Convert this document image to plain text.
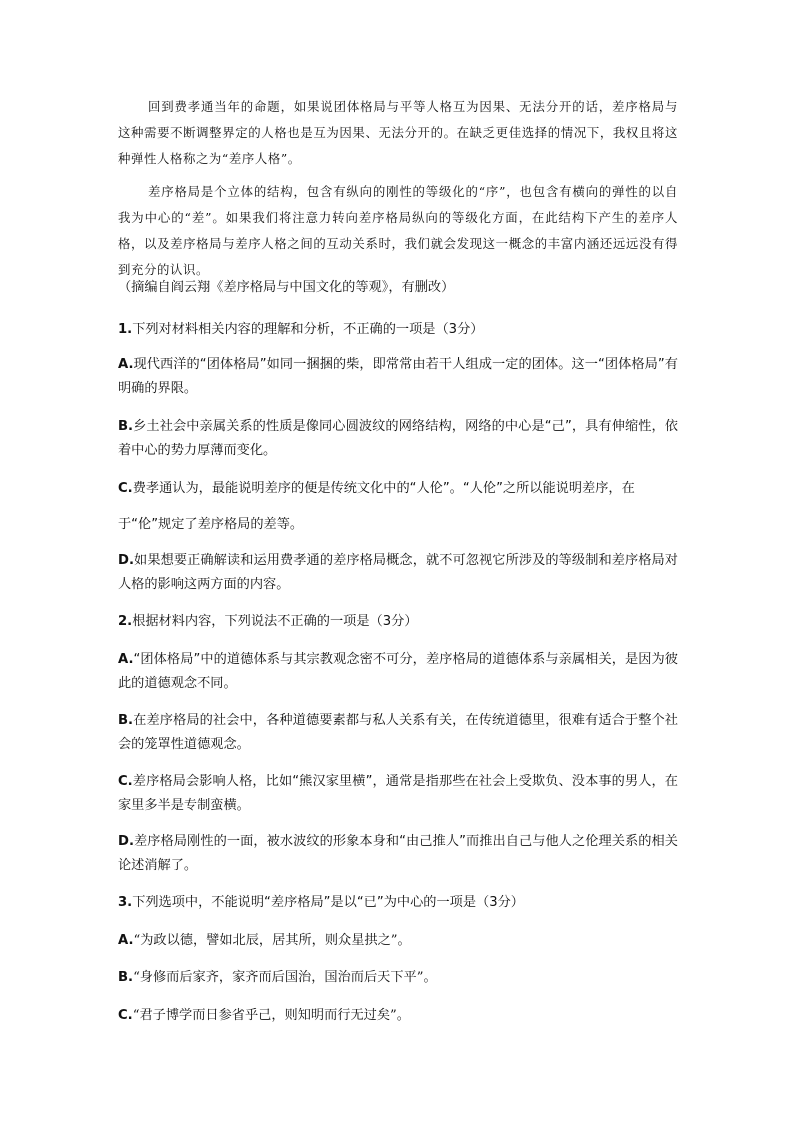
回到费孝通当年的命题，如果说团体格局与平等人格互为因果、无法分开的话，差序格局与这种需要不断调整界定的人格也是互为因果、无法分开的。在缺乏更佳选择的情况下，我权且将这种弹性人格称之为“差序人格”。

差序格局是个立体的结构，包含有纵向的刚性的等级化的“序”，也包含有横向的弹性的以自我为中心的“差”。如果我们将注意力转向差序格局纵向的等级化方面，在此结构下产生的差序人格，以及差序格局与差序人格之间的互动关系时，我们就会发现这一概念的丰富内涵还远远没有得到充分的认识。

（摘编自阎云翔《差序格局与中国文化的等观》，有删改）

1.下列对材料相关内容的理解和分析，不正确的一项是（3分）

A.现代西洋的“团体格局”如同一捆捆的柴，即常常由若干人组成一定的团体。这一“团体格局”有明确的界限。

B.乡土社会中亲属关系的性质是像同心圆波纹的网络结构，网络的中心是“己”，具有伸缩性，依着中心的势力厚薄而变化。

C.费孝通认为，最能说明差序的便是传统文化中的“人伦”。“人伦”之所以能说明差序，在

于“伦”规定了差序格局的差等。

D.如果想要正确解读和运用费孝通的差序格局概念，就不可忽视它所涉及的等级制和差序格局对人格的影响这两方面的内容。

2.根据材料内容，下列说法不正确的一项是（3分）

A.“团体格局”中的道德体系与其宗教观念密不可分，差序格局的道德体系与亲属相关，是因为彼此的道德观念不同。

B.在差序格局的社会中，各种道德要素都与私人关系有关，在传统道德里，很难有适合于整个社会的笼罩性道德观念。

C.差序格局会影响人格，比如“熊汉家里横”，通常是指那些在社会上受欺负、没本事的男人，在家里多半是专制蛮横。

D.差序格局刚性的一面，被水波纹的形象本身和“由己推人”而推出自己与他人之伦理关系的相关论述消解了。

3.下列选项中，不能说明“差序格局”是以“已”为中心的一项是（3分）

A.“为政以德，譬如北辰，居其所，则众星拱之”。

B.“身修而后家齐，家齐而后国治，国治而后天下平”。

C.“君子博学而日参省乎己，则知明而行无过矣”。
